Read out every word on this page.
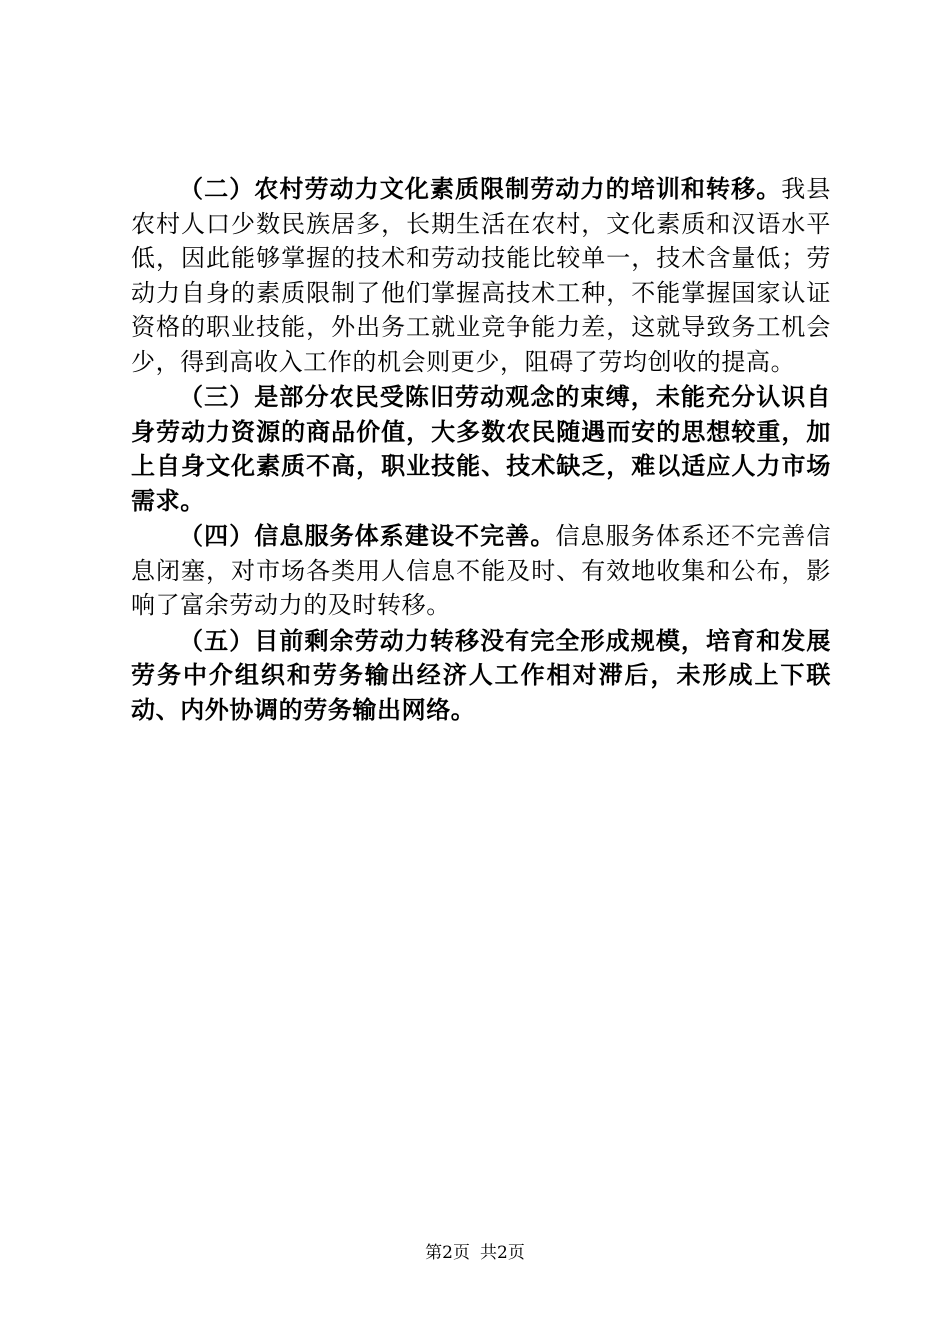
（二）农村劳动力文化素质限制劳动力的培训和转移。我县农村人口少数民族居多，长期生活在农村，文化素质和汉语水平低，因此能够掌握的技术和劳动技能比较单一，技术含量低；劳动力自身的素质限制了他们掌握高技术工种，不能掌握国家认证资格的职业技能，外出务工就业竞争能力差，这就导致务工机会少，得到高收入工作的机会则更少，阻碍了劳均创收的提高。

（三）是部分农民受陈旧劳动观念的束缚，未能充分认识自身劳动力资源的商品价值，大多数农民随遇而安的思想较重，加上自身文化素质不高，职业技能、技术缺乏，难以适应人力市场需求。

（四）信息服务体系建设不完善。信息服务体系还不完善信息闭塞，对市场各类用人信息不能及时、有效地收集和公布，影响了富余劳动力的及时转移。

（五）目前剩余劳动力转移没有完全形成规模，培育和发展劳务中介组织和劳务输出经济人工作相对滞后，未形成上下联动、内外协调的劳务输出网络。

第2页 共2页
